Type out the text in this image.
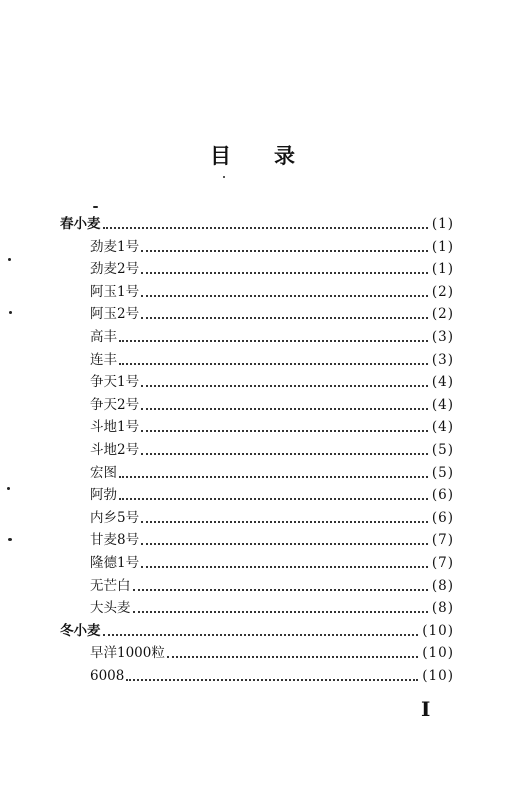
目 录
春小麦	(1)
劲麦1号	(1)
劲麦2号	(1)
阿玉1号	(2)
阿玉2号	(2)
高丰	(3)
连丰	(3)
争天1号	(4)
争天2号	(4)
斗地1号	(4)
斗地2号	(5)
宏图	(5)
阿勃	(6)
内乡5号	(6)
甘麦8号	(7)
隆德1号	(7)
无芒白	(8)
大头麦	(8)
冬小麦	(10)
早洋1000粒	(10)
6008	(10)
I
